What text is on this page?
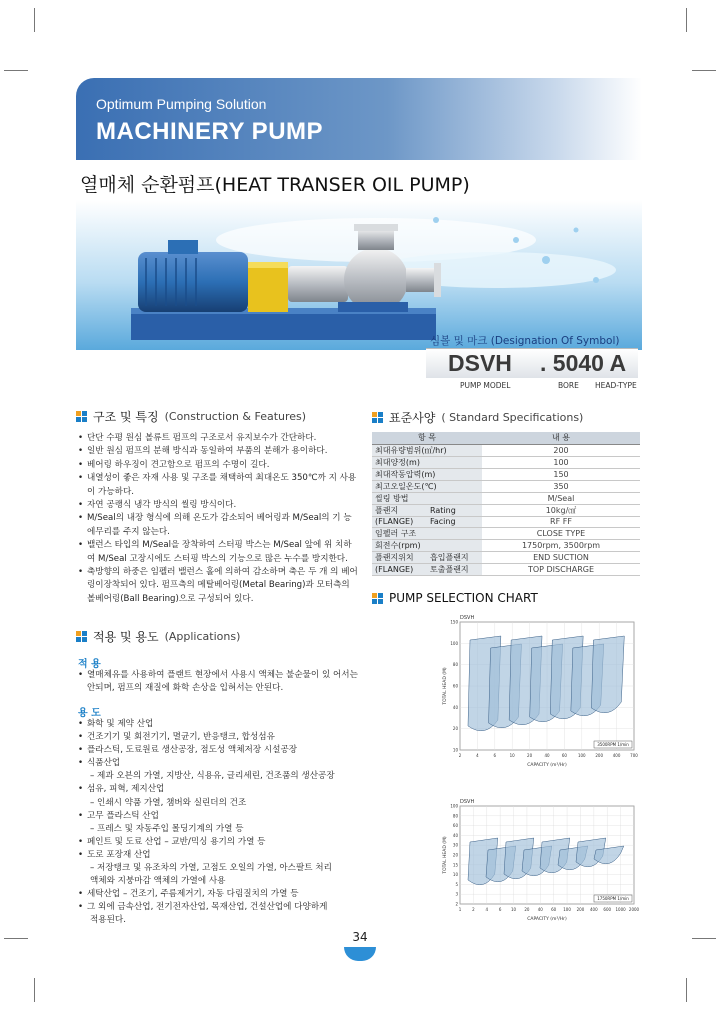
Optimum Pumping Solution
MACHINERY PUMP
열매체 순환펌프(HEAT TRANSER OIL PUMP)
심볼 및 마크 (Designation Of Symbol)
DSVH . 5040 A
PUMP MODEL	BORE HEAD-TYPE
구조 및 특징 (Construction & Features)
• 단단 수평 원심 볼류트 펌프의 구조로서 유지보수가 간단하다.
• 일반 원심 펌프의 분해 방식과 동일하여 부품의 분해가 용이하다.
• 베어링 하우징이 견고함으로 펌프의 수명이 길다.
• 내열성이 좋은 자재 사용 및 구조를 채택하여 최대온도 350℃까 지 사용이 가능하다.
• 자연 공랭식 냉각 방식의 씰링 방식이다.
• M/Seal의 내장 형식에 의해 온도가 감소되어 베어링과 M/Seal의 기 능에무리를 주지 않는다.
• 밸런스 타입의 M/Seal을 장착하여 스터핑 박스는 M/Seal 앞에 위 치하여 M/Seal 고장시에도 스터핑 박스의 기능으로 많은 누수를 방지한다.
• 축방향의 하중은 임펠러 밸런스 홀에 의하여 감소하며 축은 두 개 의 베어링이장착되어 있다. 펌프측의 메탈베어링(Metal Bearing)과 모터측의 볼베어링(Ball Bearing)으로 구성되어 있다.
적용 및 용도 (Applications)
적 용
• 열매체유를 사용하여 플랜트 현장에서 사용시 액체는 불순물이 있 어서는 안되며, 펌프의 재질에 화학 손상을 입혀서는 안된다.
용 도
• 화학 및 제약 산업
• 건조기기 및 회전기기, 멸균기, 반응탱크, 합성섬유
• 플라스틱, 도료원료 생산공장, 점도성 액체저장 시설공장
• 식품산업
– 제과 오븐의 가열, 지방산, 식용유, 글리세린, 건조품의 생산공장
• 섬유, 피혁, 제지산업
– 인쇄시 약품 가열, 챔버와 실린더의 건조
• 고무 플라스틱 산업
– 프레스 및 자동주입 몰딩기계의 가열 등
• 페인트 및 도료 산업 – 교반/믹싱 용기의 가열 등
• 도로 포장재 산업
– 저장탱크 및 유조차의 가열, 고점도 오일의 가열, 아스팔트 처리
액체와 지붕마감 액체의 가열에 사용
• 세탁산업 – 건조기, 주름제거기, 자동 다림질치의 가열 등
• 그 외에 금속산업, 전기전자산업, 목재산업, 건설산업에 다양하게
적용된다.
표준사양 ( Standard Specifications)
항 목		내 용
최대유량범위(㎥/hr)		200
최대양정(m)		100
최대작동압력(m)		150
최고오일온도(℃)		350
씰링 방법		M/Seal
플랜지	Rating	10kg/㎠
(FLANGE)	Facing	RF FF
임펠러 구조		CLOSE TYPE
회전수(rpm)		1750rpm, 3500rpm
플랜지위치	흡입플랜지	END SUCTION
(FLANGE)	토출플랜지	TOP DISCHARGE
PUMP SELECTION CHART
2	4	6	10	20	40	60	100 200 400 700
10
20
40
60
80
100
150
DSVH
CAPACITY (m³/Hr)
TOTAL HEAD (M)
3500RPM 1/min
1	2	4	6 10 20 40 60 100 200 400 600 1000 2000
2
3
5
10
15
20
30
40
60
80
100
DSVH
CAPACITY (m³/Hr)
TOTAL HEAD (M)
1750RPM 1/min
34
